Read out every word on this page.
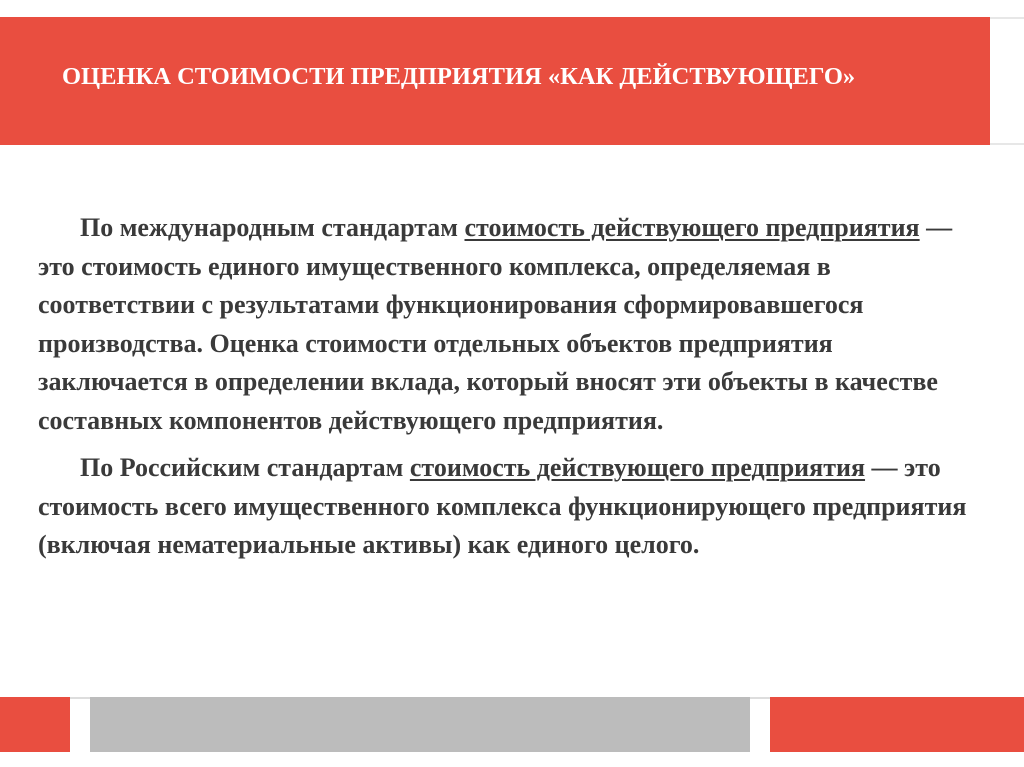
ОЦЕНКА СТОИМОСТИ ПРЕДПРИЯТИЯ «КАК ДЕЙСТВУЮЩЕГО»

По международным стандартам стоимость действующего предприятия — это стоимость единого имущественного комплекса, определяемая в соответствии с результатами функционирования сформировавшегося производства. Оценка стоимости отдельных объектов предприятия заключается в определении вклада, который вносят эти объекты в качестве составных компонентов действующего предприятия.

По Российским стандартам стоимость действующего предприятия — это стоимость всего имущественного комплекса функционирующего предприятия (включая нематериальные активы) как единого целого.
